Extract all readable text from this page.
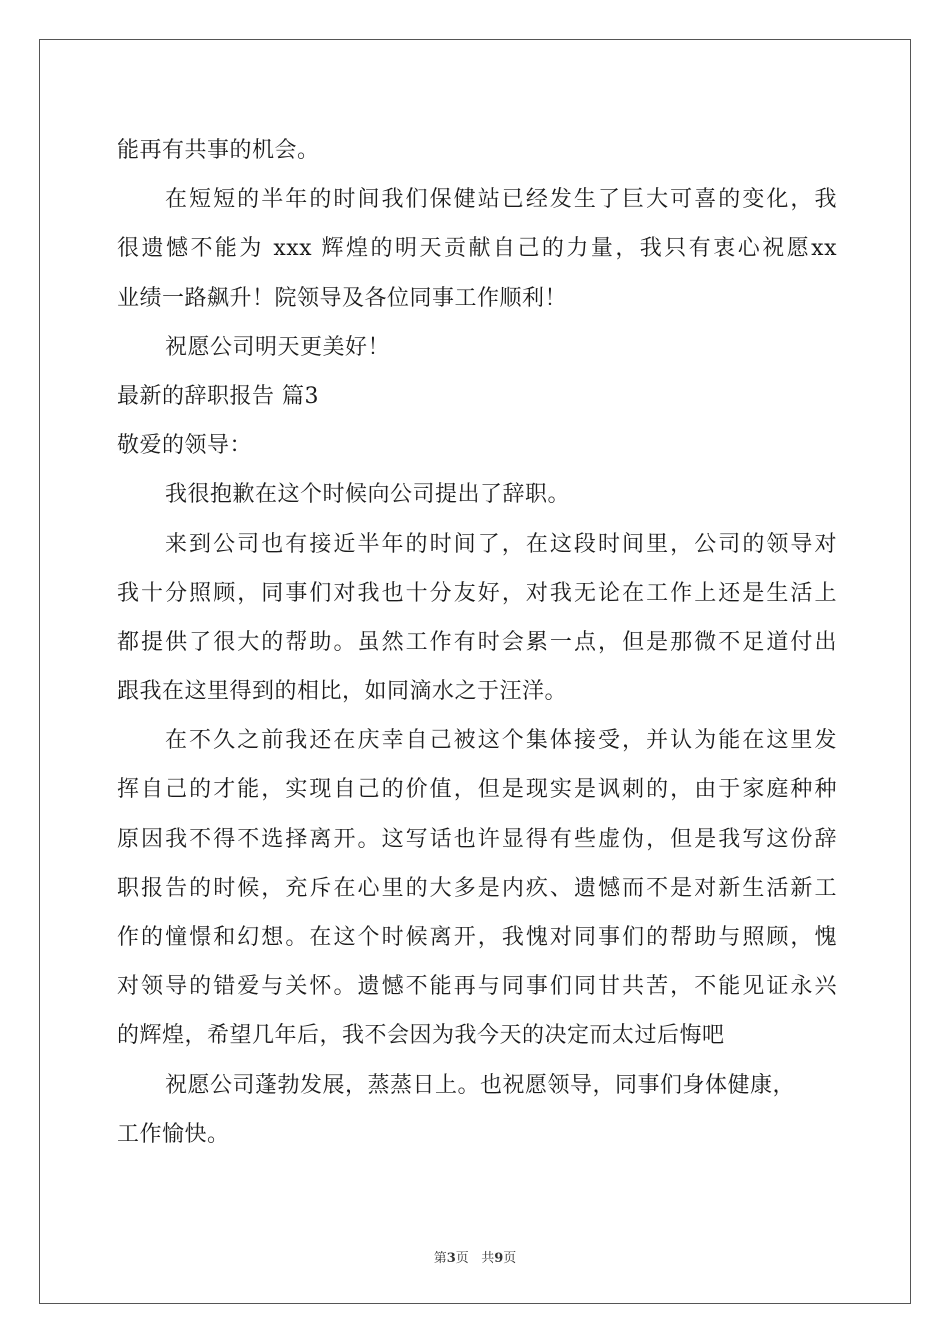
能再有共事的机会。
在短短的半年的时间我们保健站已经发生了巨大可喜的变化，我
很遗憾不能为 xxx 辉煌的明天贡献自己的力量，我只有衷心祝愿xx
业绩一路飙升！院领导及各位同事工作顺利！
祝愿公司明天更美好！
最新的辞职报告 篇3
敬爱的领导：
我很抱歉在这个时候向公司提出了辞职。
来到公司也有接近半年的时间了，在这段时间里，公司的领导对
我十分照顾，同事们对我也十分友好，对我无论在工作上还是生活上
都提供了很大的帮助。虽然工作有时会累一点，但是那微不足道付出
跟我在这里得到的相比，如同滴水之于汪洋。
在不久之前我还在庆幸自己被这个集体接受，并认为能在这里发
挥自己的才能，实现自己的价值，但是现实是讽刺的，由于家庭种种
原因我不得不选择离开。这写话也许显得有些虚伪，但是我写这份辞
职报告的时候，充斥在心里的大多是内疚、遗憾而不是对新生活新工
作的憧憬和幻想。在这个时候离开，我愧对同事们的帮助与照顾，愧
对领导的错爱与关怀。遗憾不能再与同事们同甘共苦，不能见证永兴
的辉煌，希望几年后，我不会因为我今天的决定而太过后悔吧
祝愿公司蓬勃发展，蒸蒸日上。也祝愿领导，同事们身体健康，
工作愉快。
第3页 共9页
